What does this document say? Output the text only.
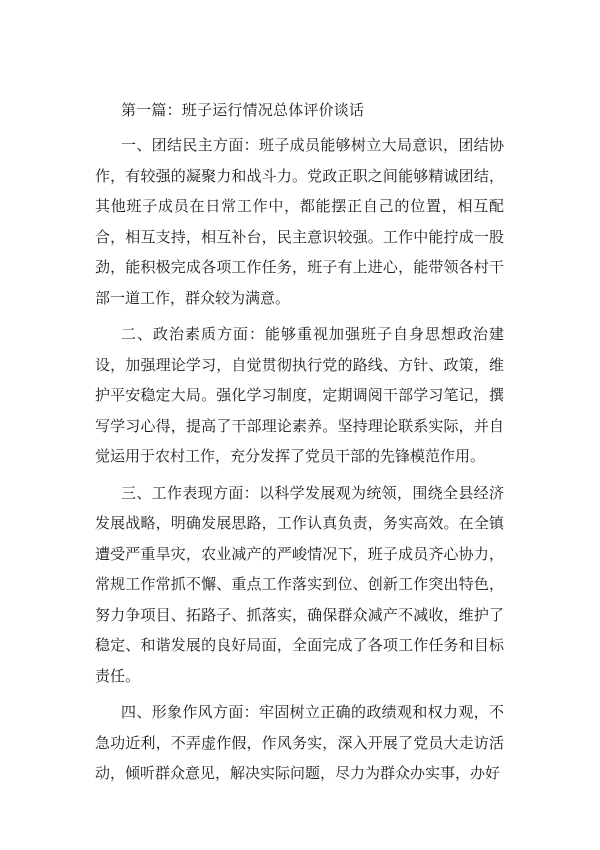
第一篇：班子运行情况总体评价谈话

一、团结民主方面：班子成员能够树立大局意识，团结协作，有较强的凝聚力和战斗力。党政正职之间能够精诚团结，其他班子成员在日常工作中，都能摆正自己的位置，相互配合，相互支持，相互补台，民主意识较强。工作中能拧成一股劲，能积极完成各项工作任务，班子有上进心，能带领各村干部一道工作，群众较为满意。

二、政治素质方面：能够重视加强班子自身思想政治建设，加强理论学习，自觉贯彻执行党的路线、方针、政策，维护平安稳定大局。强化学习制度，定期调阅干部学习笔记，撰写学习心得，提高了干部理论素养。坚持理论联系实际，并自觉运用于农村工作，充分发挥了党员干部的先锋模范作用。

三、工作表现方面：以科学发展观为统领，围绕全县经济发展战略，明确发展思路，工作认真负责，务实高效。在全镇遭受严重旱灾，农业减产的严峻情况下，班子成员齐心协力，常规工作常抓不懈、重点工作落实到位、创新工作突出特色，努力争项目、拓路子、抓落实，确保群众减产不减收，维护了稳定、和谐发展的良好局面，全面完成了各项工作任务和目标责任。

四、形象作风方面：牢固树立正确的政绩观和权力观，不急功近利，不弄虚作假，作风务实，深入开展了党员大走访活动，倾听群众意见，解决实际问题，尽力为群众办实事，办好
